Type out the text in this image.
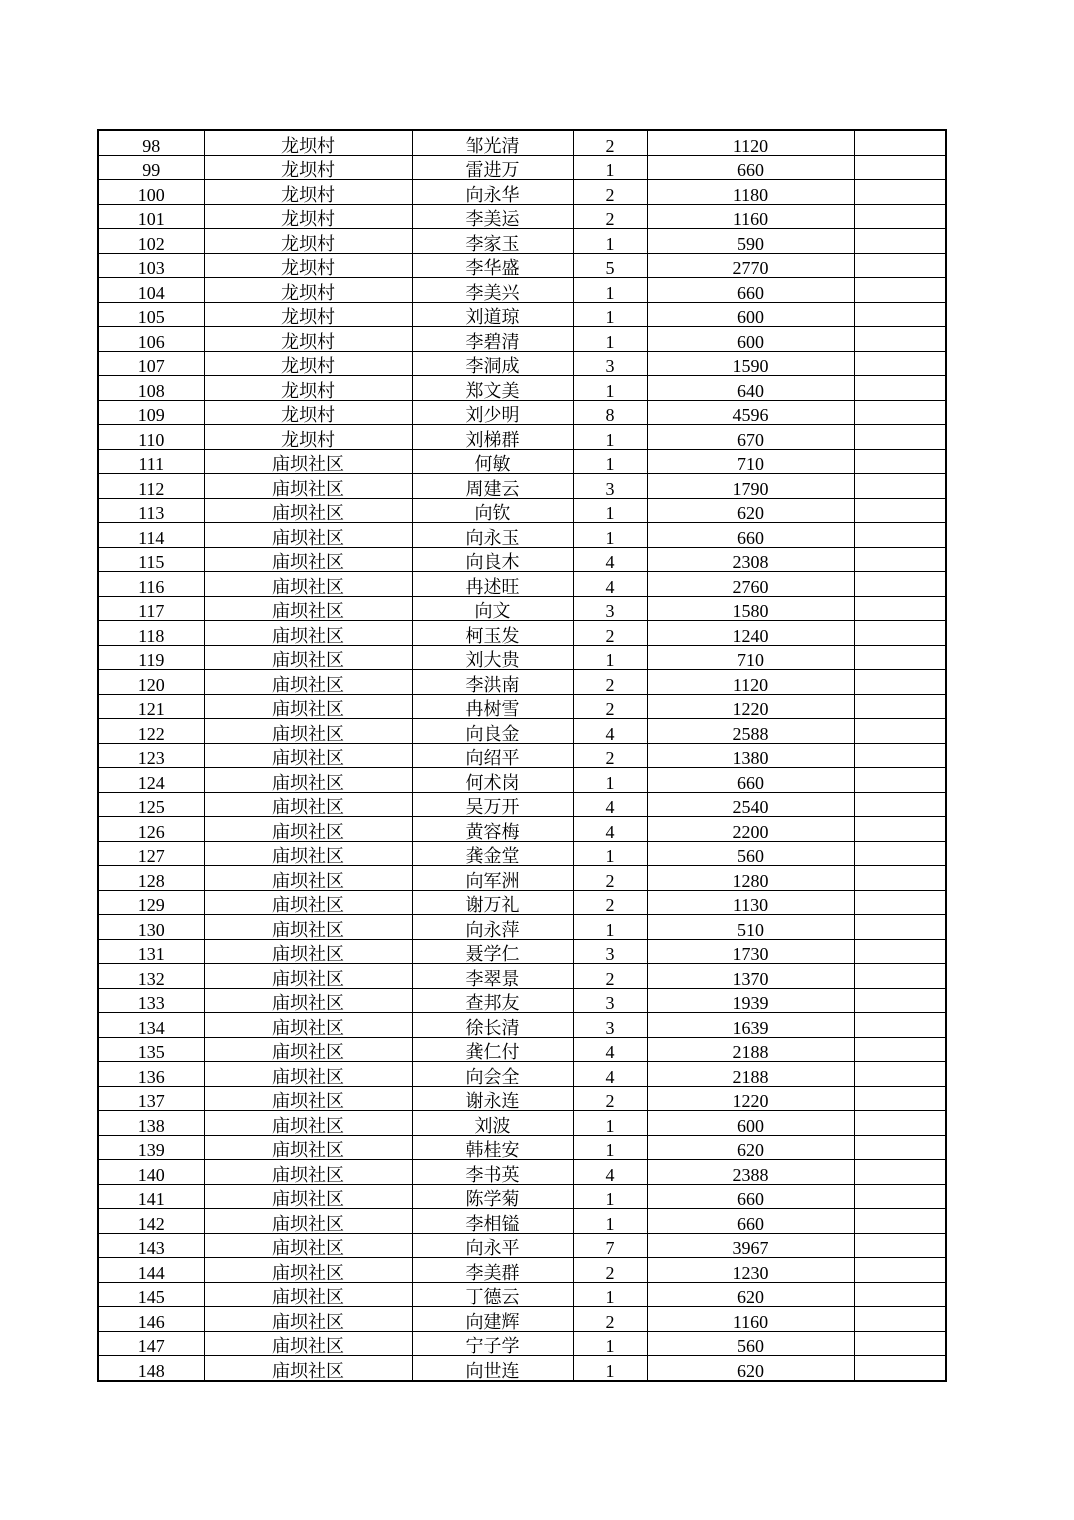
98	龙坝村	邹光清	2	1120	
99	龙坝村	雷进万	1	660	
100	龙坝村	向永华	2	1180	
101	龙坝村	李美运	2	1160	
102	龙坝村	李家玉	1	590	
103	龙坝村	李华盛	5	2770	
104	龙坝村	李美兴	1	660	
105	龙坝村	刘道琼	1	600	
106	龙坝村	李碧清	1	600	
107	龙坝村	李洞成	3	1590	
108	龙坝村	郑文美	1	640	
109	龙坝村	刘少明	8	4596	
110	龙坝村	刘梯群	1	670	
111	庙坝社区	何敏	1	710	
112	庙坝社区	周建云	3	1790	
113	庙坝社区	向钦	1	620	
114	庙坝社区	向永玉	1	660	
115	庙坝社区	向良木	4	2308	
116	庙坝社区	冉述旺	4	2760	
117	庙坝社区	向文	3	1580	
118	庙坝社区	柯玉发	2	1240	
119	庙坝社区	刘大贵	1	710	
120	庙坝社区	李洪南	2	1120	
121	庙坝社区	冉树雪	2	1220	
122	庙坝社区	向良金	4	2588	
123	庙坝社区	向绍平	2	1380	
124	庙坝社区	何术岗	1	660	
125	庙坝社区	吴万开	4	2540	
126	庙坝社区	黄容梅	4	2200	
127	庙坝社区	龚金堂	1	560	
128	庙坝社区	向军洲	2	1280	
129	庙坝社区	谢万礼	2	1130	
130	庙坝社区	向永萍	1	510	
131	庙坝社区	聂学仁	3	1730	
132	庙坝社区	李翠景	2	1370	
133	庙坝社区	查邦友	3	1939	
134	庙坝社区	徐长清	3	1639	
135	庙坝社区	龚仁付	4	2188	
136	庙坝社区	向会全	4	2188	
137	庙坝社区	谢永连	2	1220	
138	庙坝社区	刘波	1	600	
139	庙坝社区	韩桂安	1	620	
140	庙坝社区	李书英	4	2388	
141	庙坝社区	陈学菊	1	660	
142	庙坝社区	李相镒	1	660	
143	庙坝社区	向永平	7	3967	
144	庙坝社区	李美群	2	1230	
145	庙坝社区	丁德云	1	620	
146	庙坝社区	向建辉	2	1160	
147	庙坝社区	宁子学	1	560	
148	庙坝社区	向世连	1	620	
